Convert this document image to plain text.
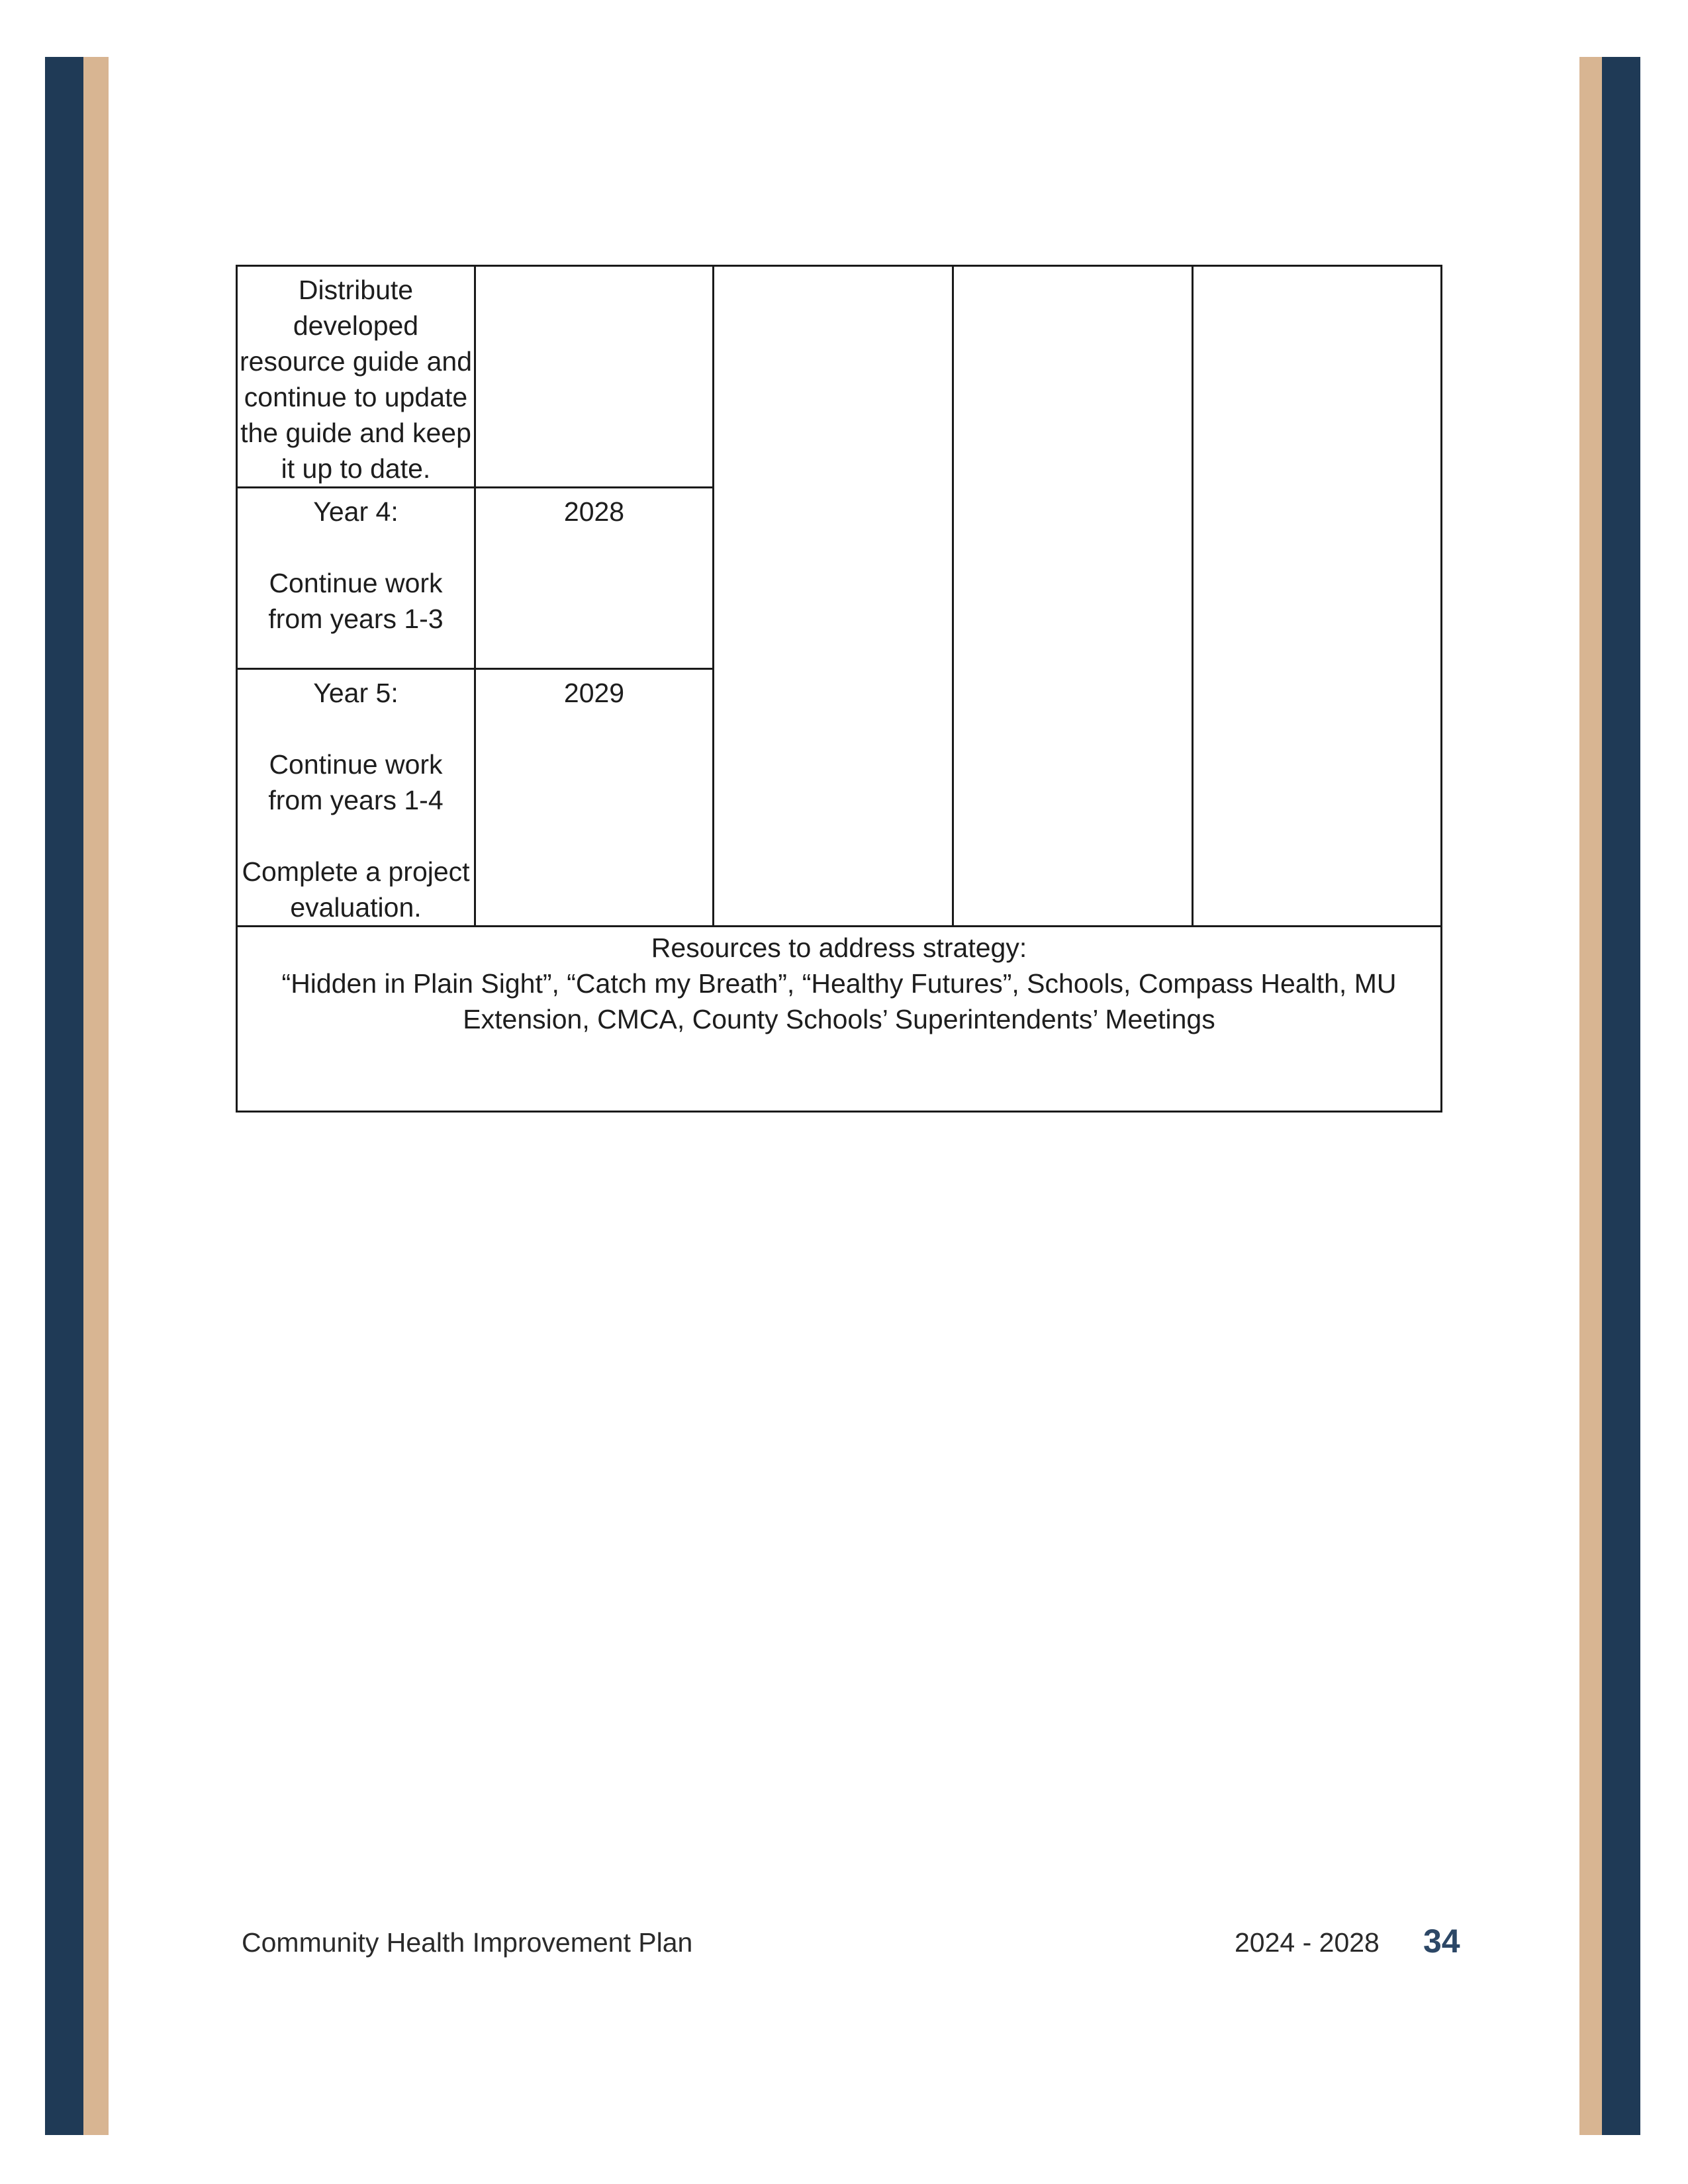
Distribute developed resource guide and continue to update the guide and keep it up to date.				
Year 4:

Continue work from years 1-3	2028			
Year 5:

Continue work from years 1-4

Complete a project evaluation.	2029			
Resources to address strategy:
“Hidden in Plain Sight”, “Catch my Breath”, “Healthy Futures”, Schools, Compass Health, MU Extension, CMCA, County Schools’ Superintendents’ Meetings				
Community Health Improvement Plan	2024 - 2028 34
